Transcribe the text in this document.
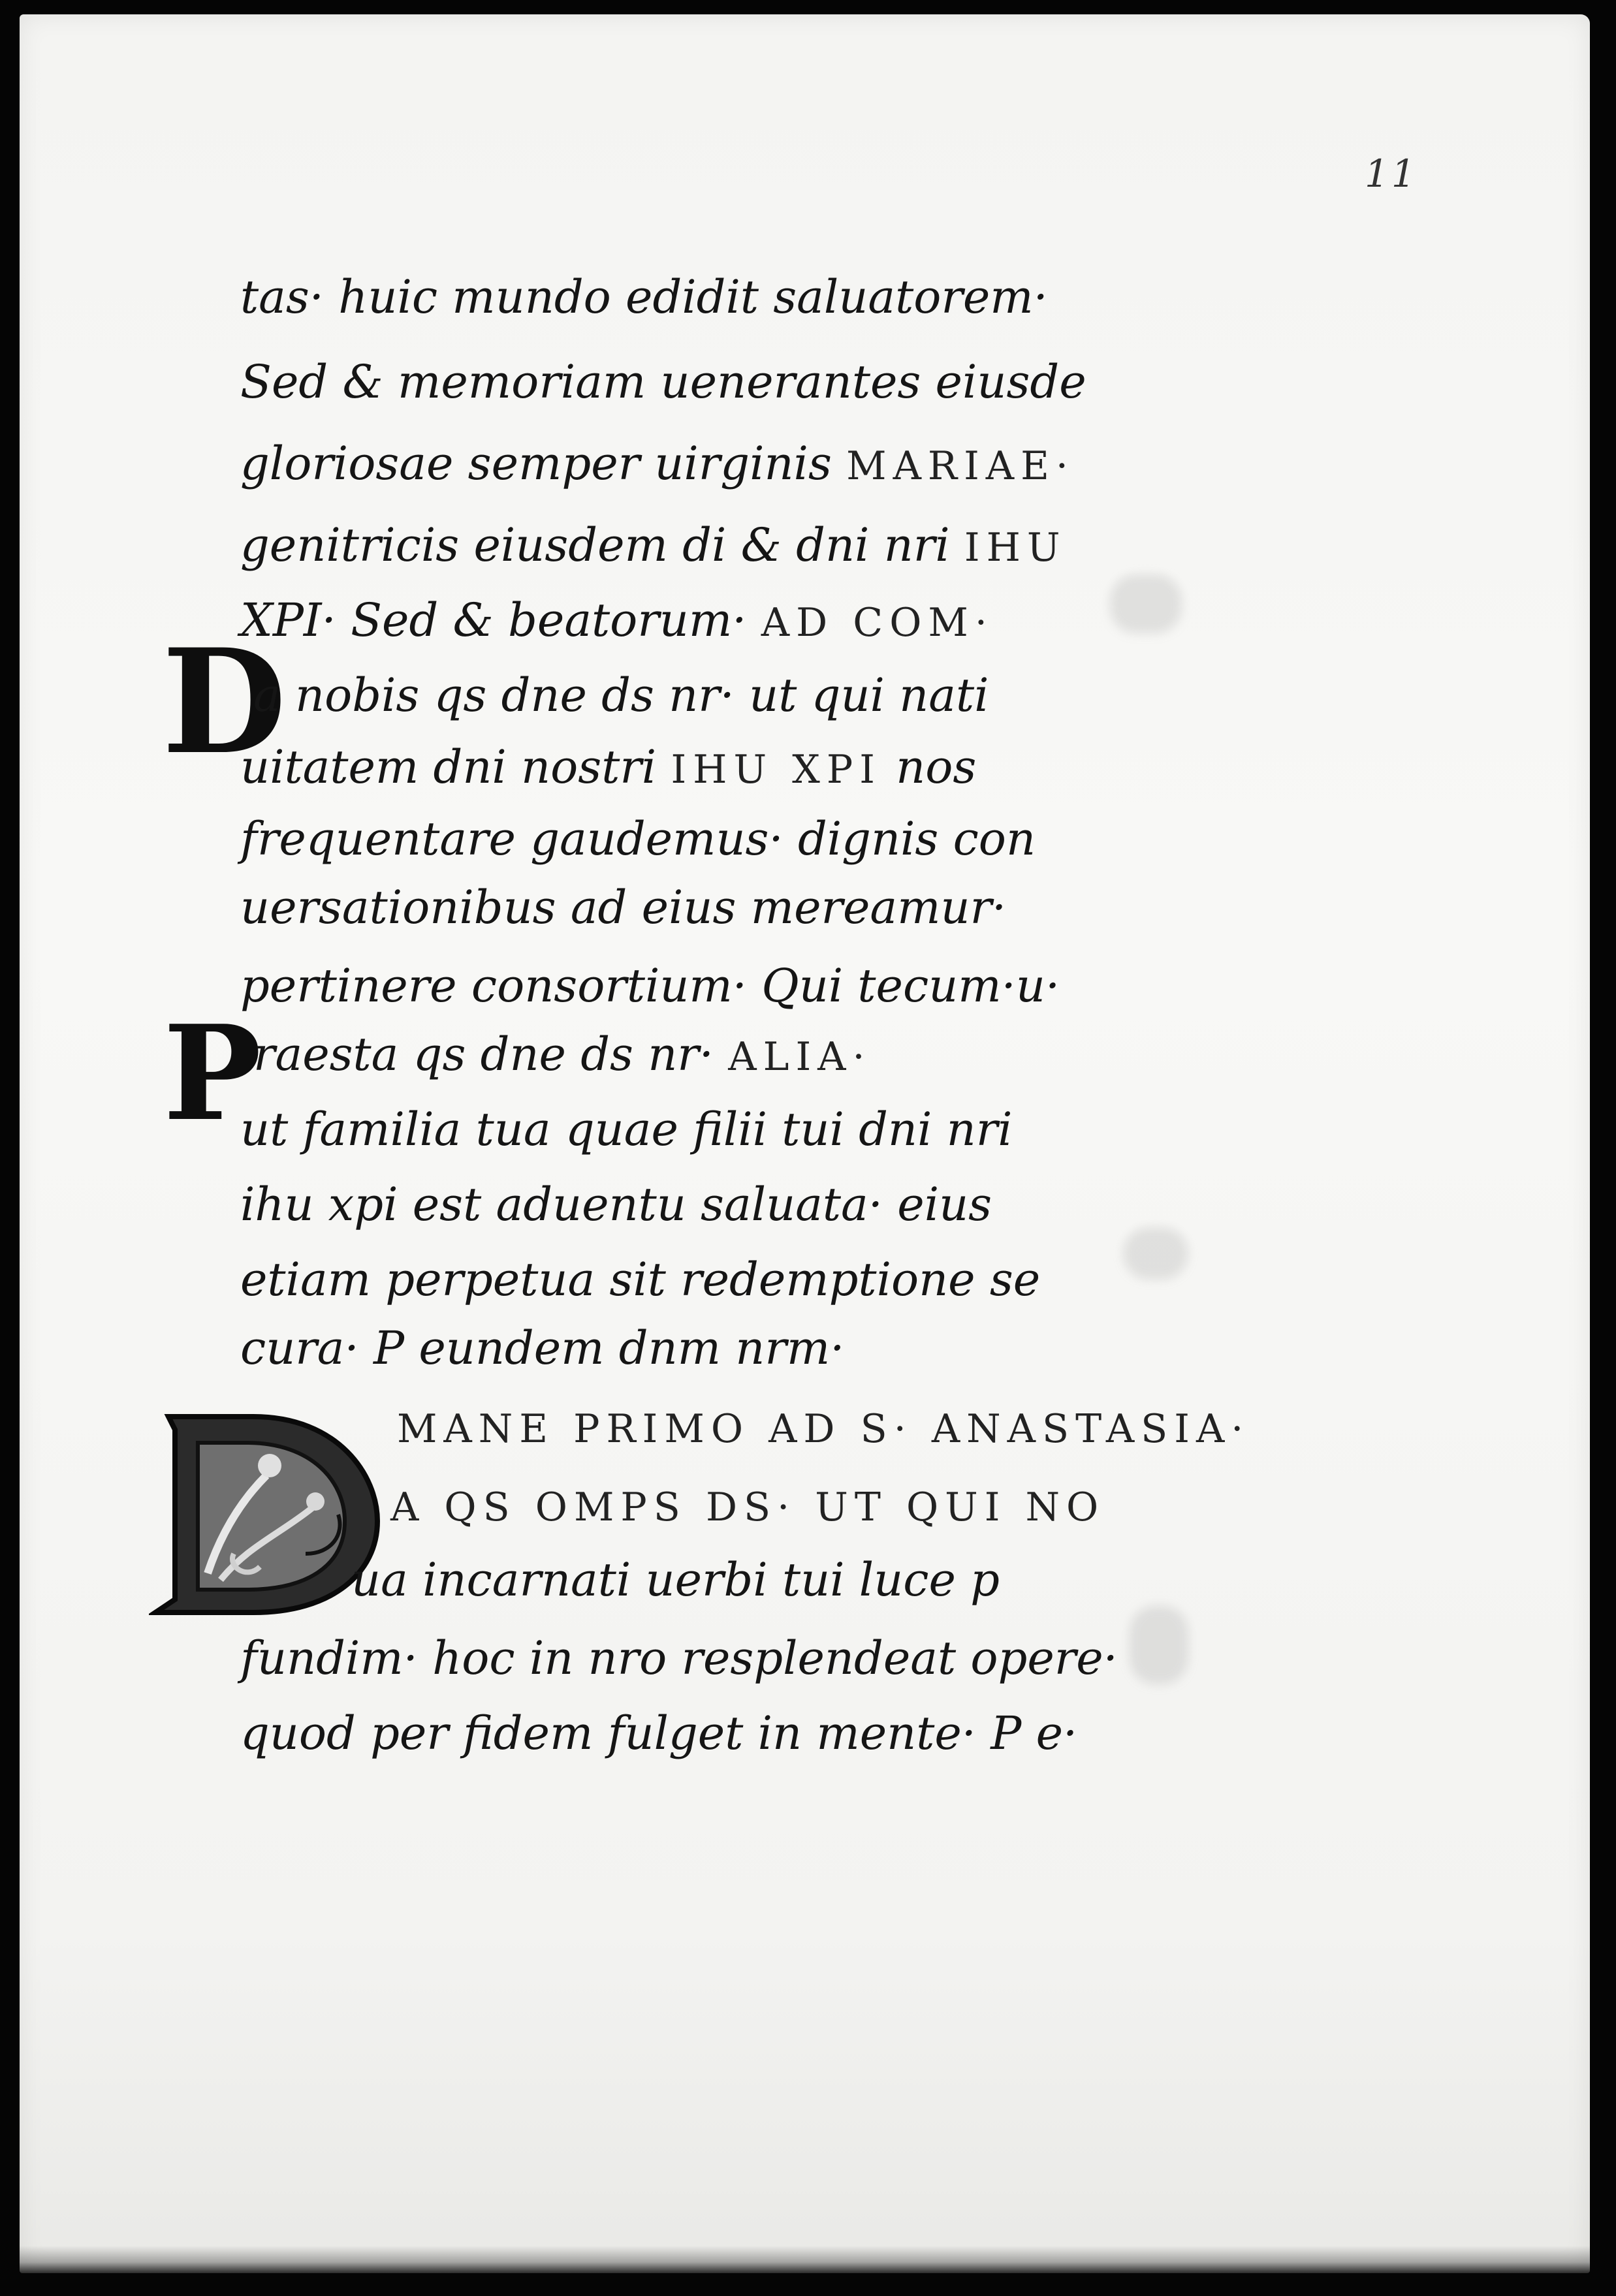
11
D
P
tas· huic mundo edidit saluatorem·
Sed & memoriam uenerantes eiusde
gloriosae semper uirginis MARIAE·
genitricis eiusdem di & dni nri IHU
XPI· Sed & beatorum· AD COM·
a nobis qs dne ds nr· ut qui nati
uitatem dni nostri IHU XPI nos
frequentare gaudemus· dignis con
uersationibus ad eius mereamur·
pertinere consortium· Qui tecum·u·
raesta qs dne ds nr· ALIA·
ut familia tua quae filii tui dni nri
ihu xpi est aduentu saluata· eius
etiam perpetua sit redemptione se
cura· P eundem dnm nrm·
MANE PRIMO AD S· ANASTASIA·
A QS OMPS DS· UT QUI NO
ua incarnati uerbi tui luce p
fundim· hoc in nro resplendeat opere·
quod per fidem fulget in mente· P e·
